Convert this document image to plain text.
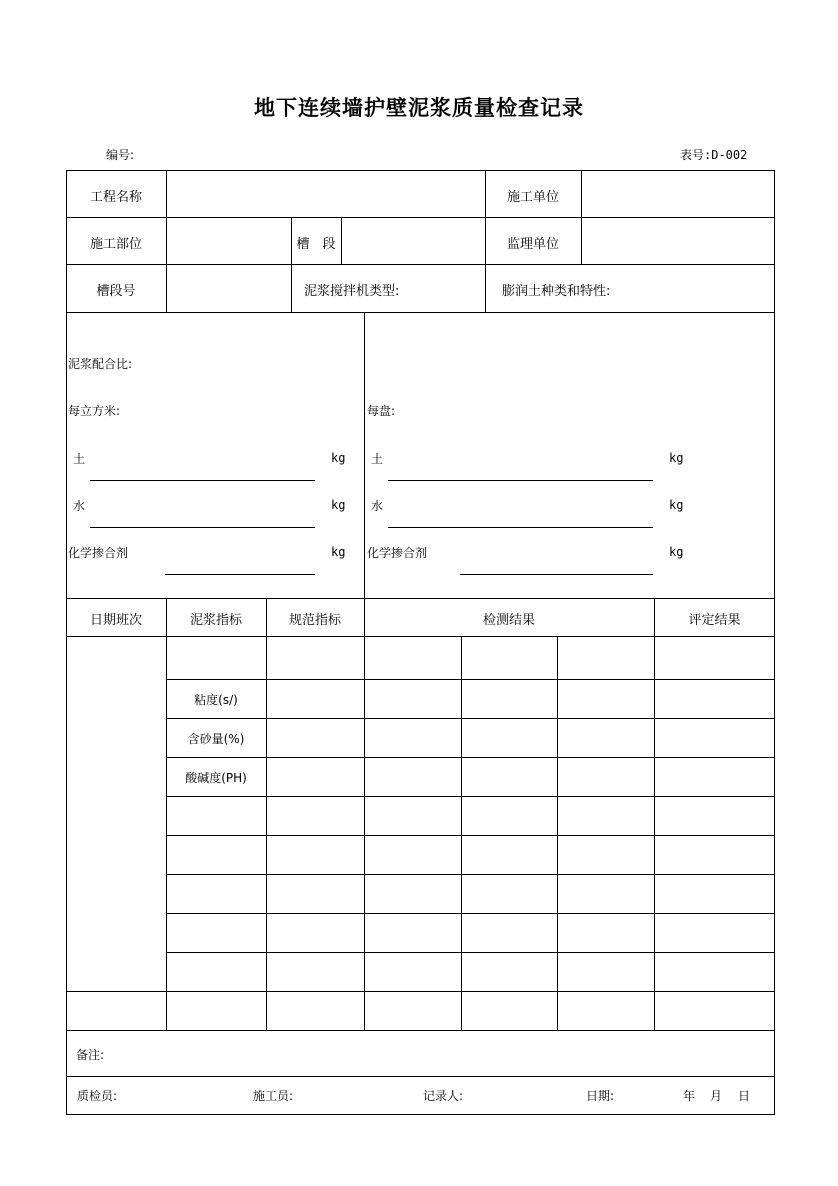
地下连续墙护壁泥浆质量检查记录
编号:	表号:D-002
工程名称	施工单位
施工部位	槽　段	监理单位
槽段号	泥浆搅拌机类型:	膨润土种类和特性:
泥浆配合比:
每立方米:
土	kg
水	kg
化学掺合剂	kg
每盘:
土	kg
水	kg
化学掺合剂	kg
日期班次	泥浆指标	规范指标	检测结果	评定结果
粘度(s/)
含砂量(%)
酸碱度(PH)
备注:
质检员:	施工员:	记录人:	日期:	年 月 日
